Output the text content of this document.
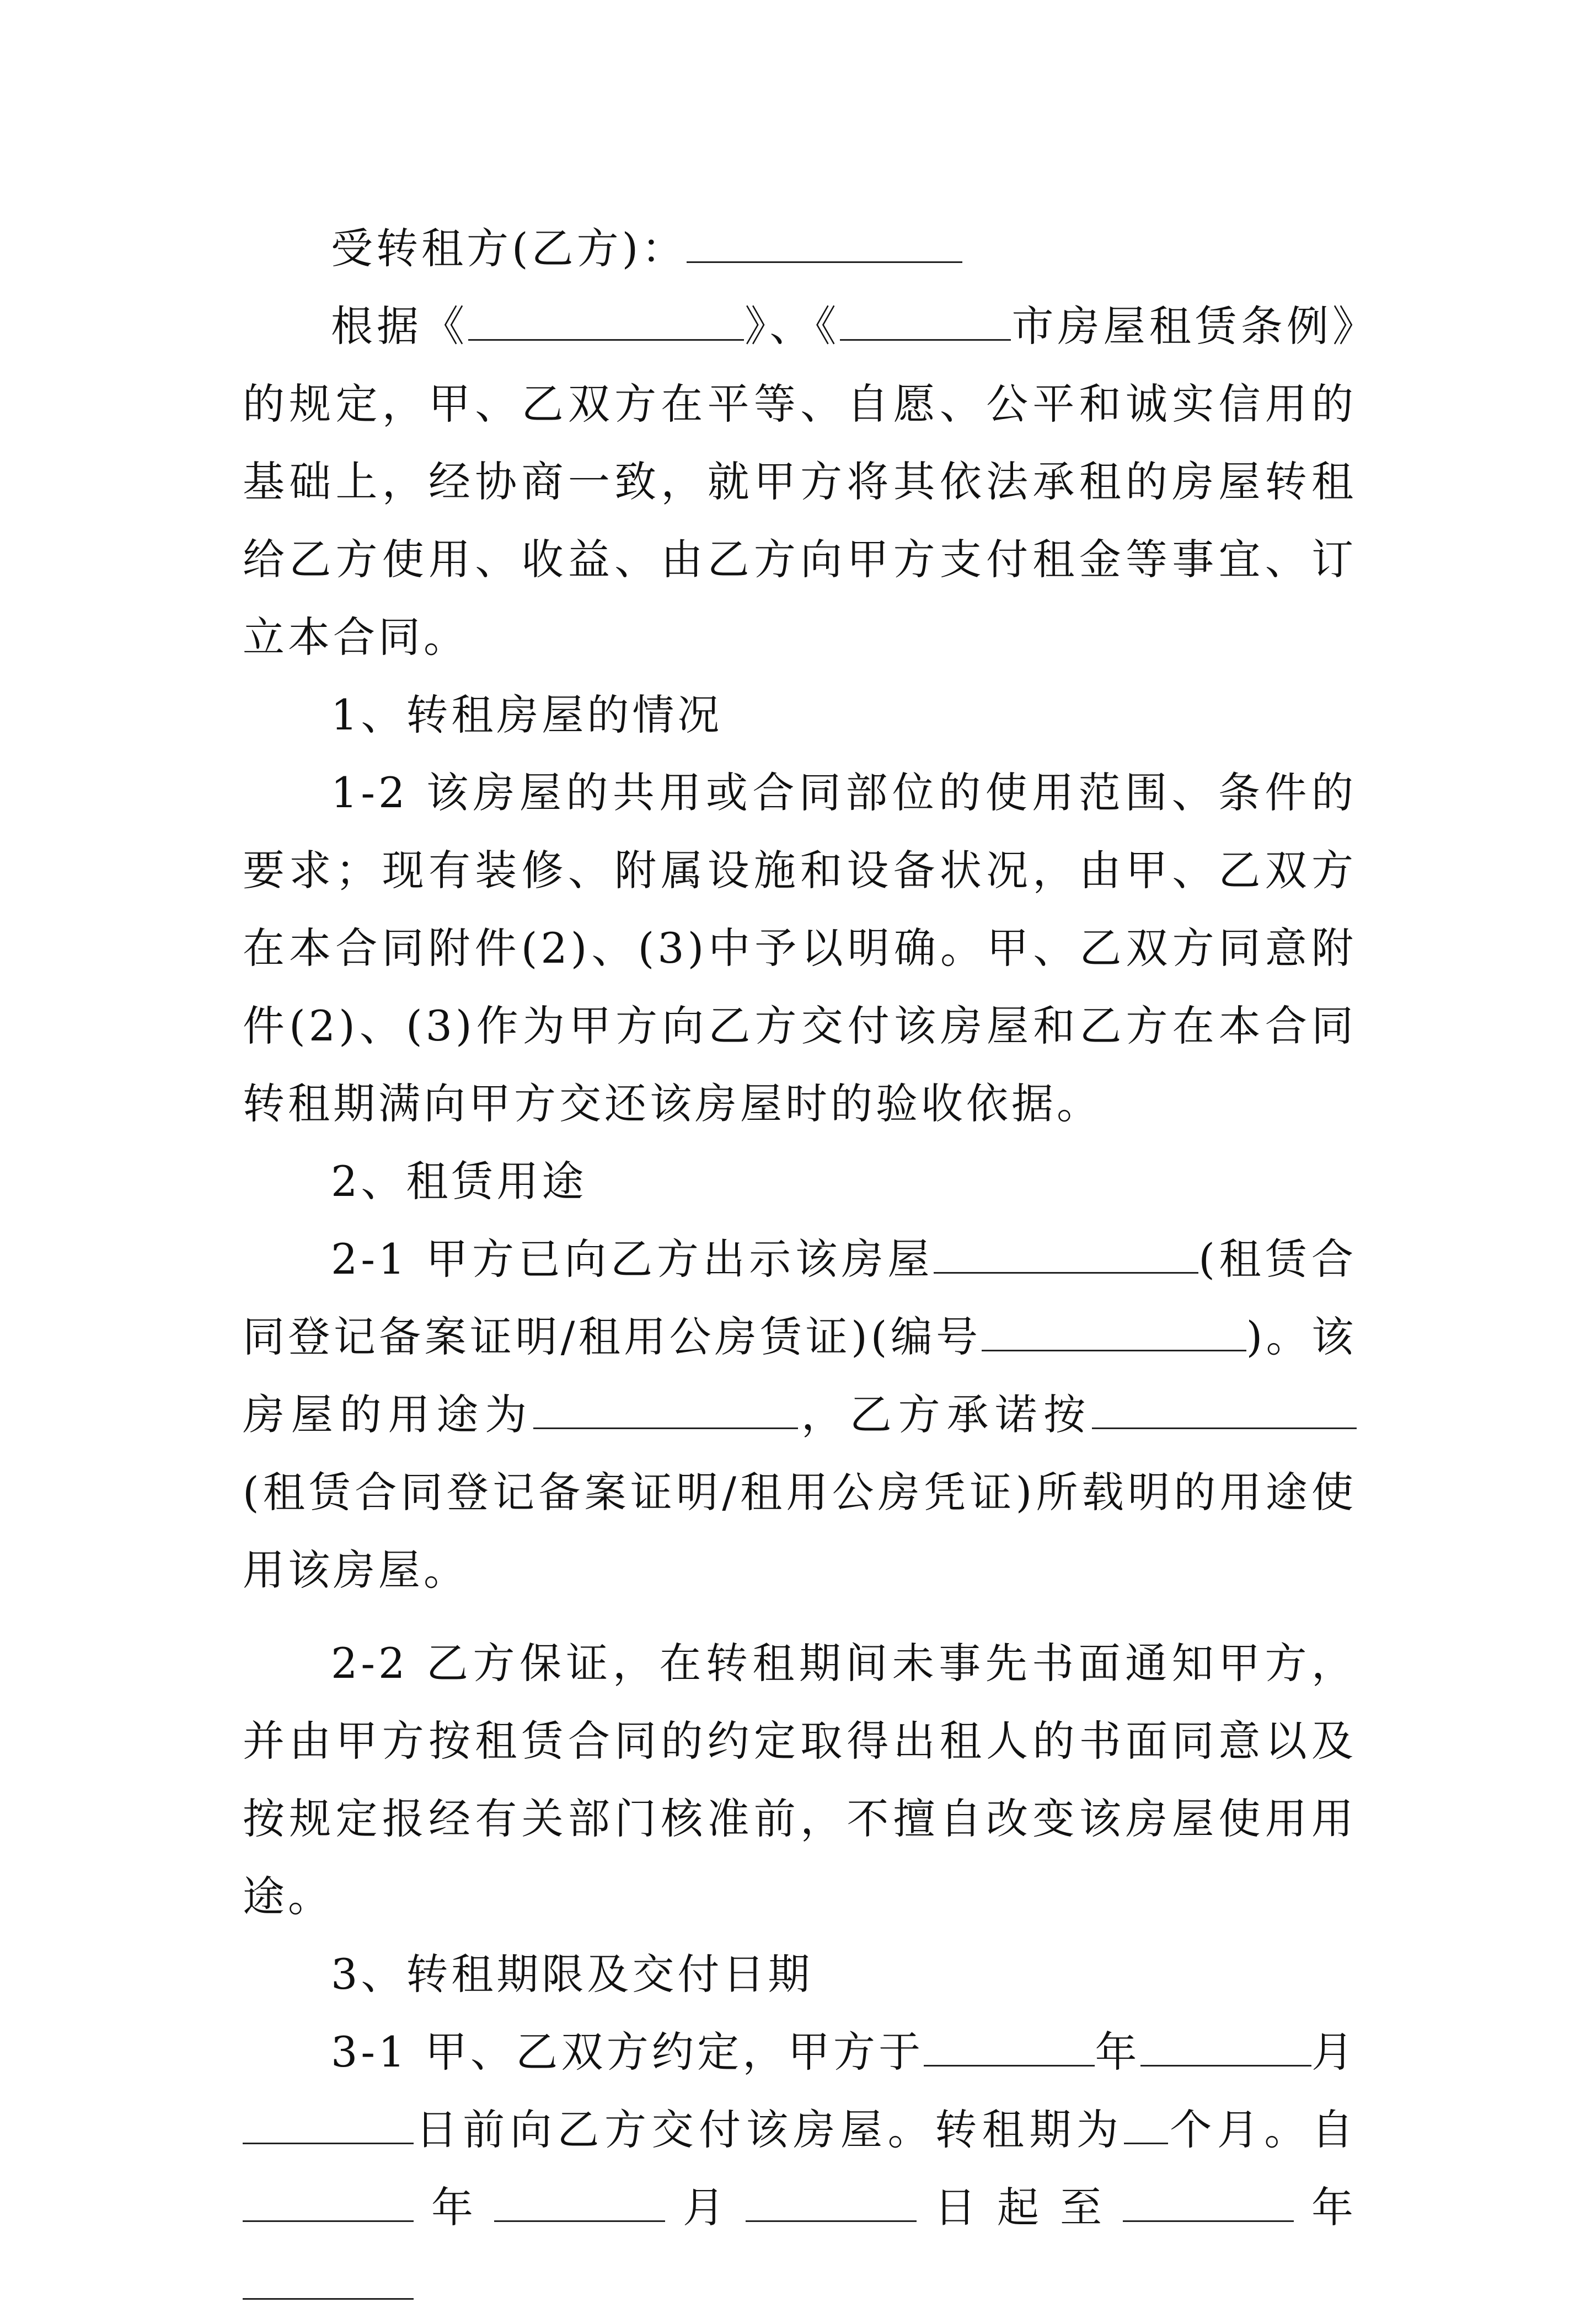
受转租方(乙方)：

根据《	》、《	市房屋租赁条例》的规定，甲、乙双方在平等、自愿、公平和诚实信用的基础上，经协商一致，就甲方将其依法承租的房屋转租给乙方使用、收益、由乙方向甲方支付租金等事宜、订立本合同。

1、转租房屋的情况

1-2 该房屋的共用或合同部位的使用范围、条件的要求；现有装修、附属设施和设备状况，由甲、乙双方在本合同附件(2)、(3)中予以明确。甲、乙双方同意附件(2)、(3)作为甲方向乙方交付该房屋和乙方在本合同转租期满向甲方交还该房屋时的验收依据。

2、租赁用途

2-1 甲方已向乙方出示该房屋	(租赁合同登记备案证明/租用公房赁证)(编号	)。该房屋的用途为	，乙方承诺按(租赁合同登记备案证明/租用公房凭证)所载明的用途使用该房屋。

2-2 乙方保证，在转租期间未事先书面通知甲方，并由甲方按租赁合同的约定取得出租人的书面同意以及按规定报经有关部门核准前，不擅自改变该房屋使用用途。

3、转租期限及交付日期

3-1 甲、乙双方约定，甲方于	年	月日前向乙方交付该房屋。转租期为 个月。自年	月	日起至	年
